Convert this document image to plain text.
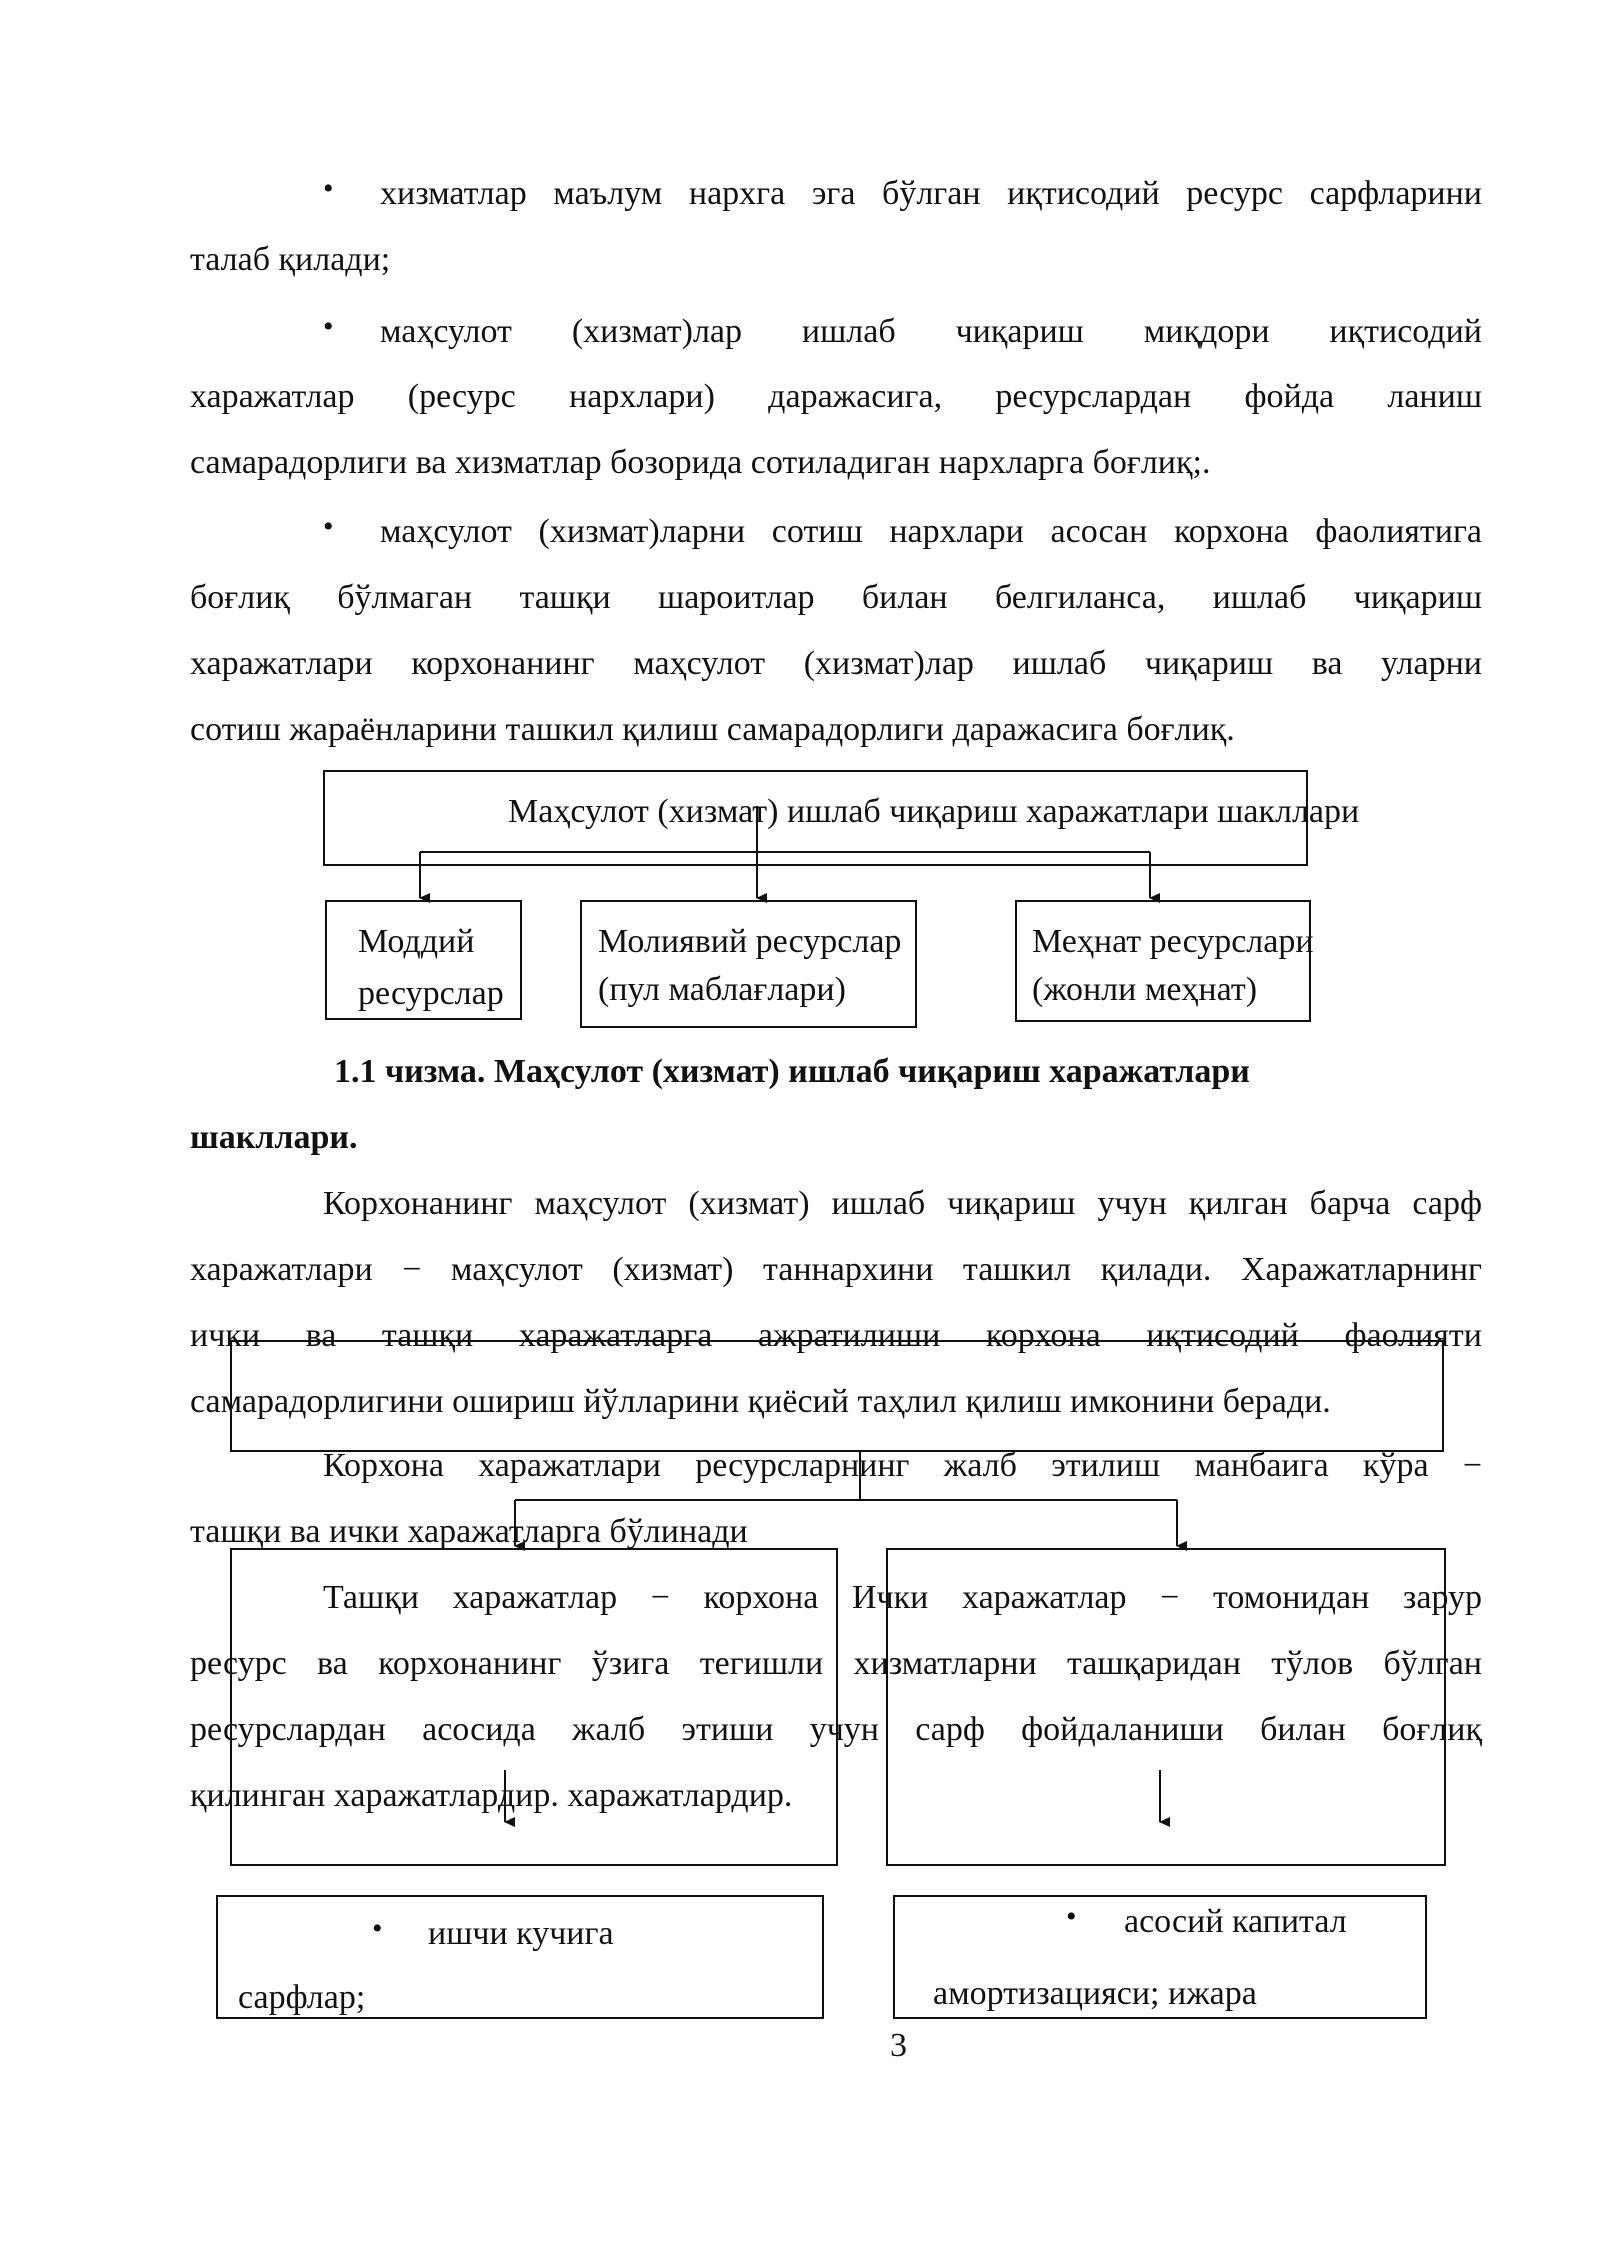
• хизматлар маълум нархга эга бўлган иқтисодий ресурс сарфларини
талаб қилади;
• маҳсулот (хизмат)лар ишлаб чиқариш миқдори иқтисодий
харажатлар (ресурс нархлари) даражасига, ресурслардан фойда ланиш
самарадорлиги ва хизматлар бозорида сотиладиган нархларга боғлиқ;.
• маҳсулот (хизмат)ларни сотиш нархлари асосан корхона фаолиятига
боғлиқ бўлмаган ташқи шароитлар билан белгиланса, ишлаб чиқариш
харажатлари корхонанинг маҳсулот (хизмат)лар ишлаб чиқариш ва уларни
сотиш жараёнларини ташкил қилиш самарадорлиги даражасига боғлиқ.
Маҳсулот (хизмат) ишлаб чиқариш харажатлари шакллари
Моддий
ресурслар
Молиявий ресурслар
(пул маблағлари)
Меҳнат ресурслари
(жонли меҳнат)
1.1 чизма. Маҳсулот (хизмат) ишлаб чиқариш харажатлари
шакллари.
Корхонанинг маҳсулот (хизмат) ишлаб чиқариш учун қилган барча сарф
харажатлари − маҳсулот (хизмат) таннархини ташкил қилади. Харажатларнинг
ички ва ташқи харажатларга ажратилиши корхона иқтисодий фаолияти
самарадорлигини ошириш йўлларини қиёсий таҳлил қилиш имконини беради.
Корхона харажатлари ресурсларнинг жалб этилиш манбаига кўра −
ташқи ва ички харажатларга бўлинади
Ташқи харажатлар − корхона Ички харажатлар − томонидан зарур
ресурс ва корхонанинг ўзига тегишли хизматларни ташқаридан тўлов бўлган
ресурслардан асосида жалб этиши учун сарф фойдаланиши билан боғлиқ
қилинган харажатлардир. харажатлардир.
• ишчи кучига
сарфлар;
• асосий капитал
амортизацияси; ижара
3
